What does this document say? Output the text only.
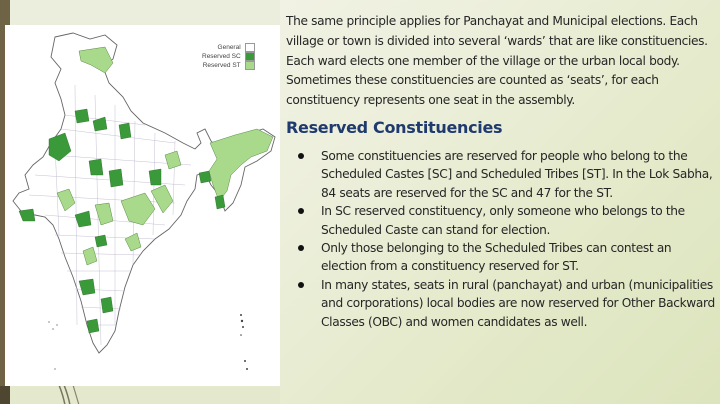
General
Reserved SC
Reserved ST

The same principle applies for Panchayat and Municipal elections. Each village or town is divided into several ‘wards’ that are like constituencies. Each ward elects one member of the village or the urban local body. Sometimes these constituencies are counted as ‘seats’, for each constituency represents one seat in the assembly.

Reserved Constituencies
Some constituencies are reserved for people who belong to the Scheduled Castes [SC] and Scheduled Tribes [ST]. In the Lok Sabha, 84 seats are reserved for the SC and 47 for the ST.
In SC reserved constituency, only someone who belongs to the Scheduled Caste can stand for election.
Only those belonging to the Scheduled Tribes can contest an election from a constituency reserved for ST.
In many states, seats in rural (panchayat) and urban (municipalities and corporations) local bodies are now reserved for Other Backward Classes (OBC) and women candidates as well.
